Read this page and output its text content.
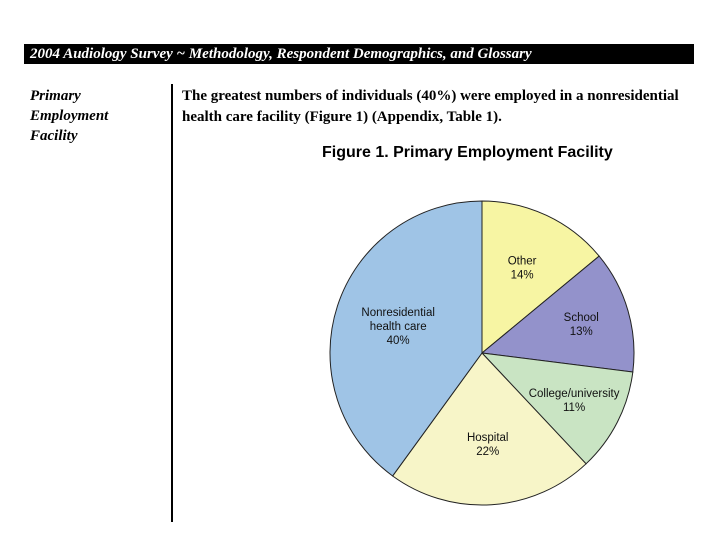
2004 Audiology Survey ~ Methodology, Respondent Demographics, and Glossary
Primary
Employment
Facility
The greatest numbers of individuals (40%) were employed in a nonresidential health care facility (Figure 1) (Appendix, Table 1).
Figure 1. Primary Employment Facility
Other 14%
School 13%
College/university 11%
Hospital 22%
Nonresidential health care 40%
